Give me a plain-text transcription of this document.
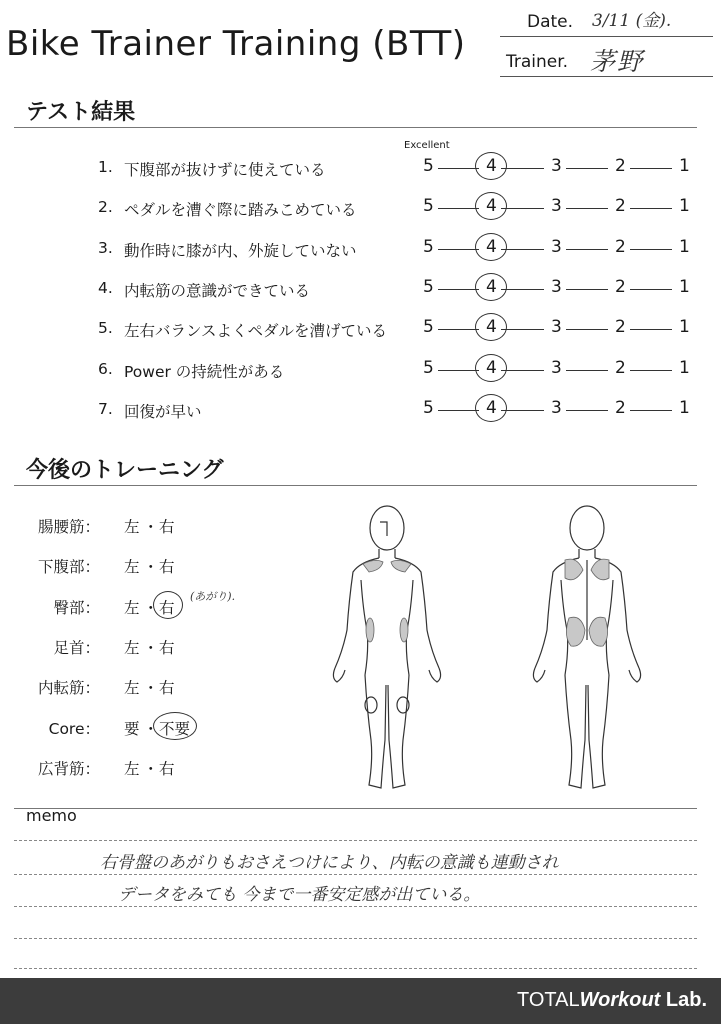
Bike Trainer Training (BTT)
Date. 3/11 (金).
Trainer. 茅野
テスト結果
Excellent
1. 下腹部が抜けずに使えている	5	4	3	2	1
2. ペダルを漕ぐ際に踏みこめている	5	4	3	2	1
3. 動作時に膝が内、外旋していない	5	4	3	2	1
4. 内転筋の意識ができている	5	4	3	2	1
5. 左右バランスよくペダルを漕げている 5	4	3	2	1
6. Power の持続性がある	5	4	3	2	1
7. 回復が早い	5	4	3	2	1
今後のトレーニング
腸腰筋： 左 ・ 右
下腹部： 左 ・ 右
臀部： 左 ・ 右
(あがり).
足首： 左 ・ 右
内転筋： 左 ・ 右
Core： 要 ・ 不要
広背筋： 左 ・ 右
memo
右骨盤のあがりもおさえつけにより、内転の意識も連動され
データをみても 今まで一番安定感が出ている。
TOTALWorkout Lab.
